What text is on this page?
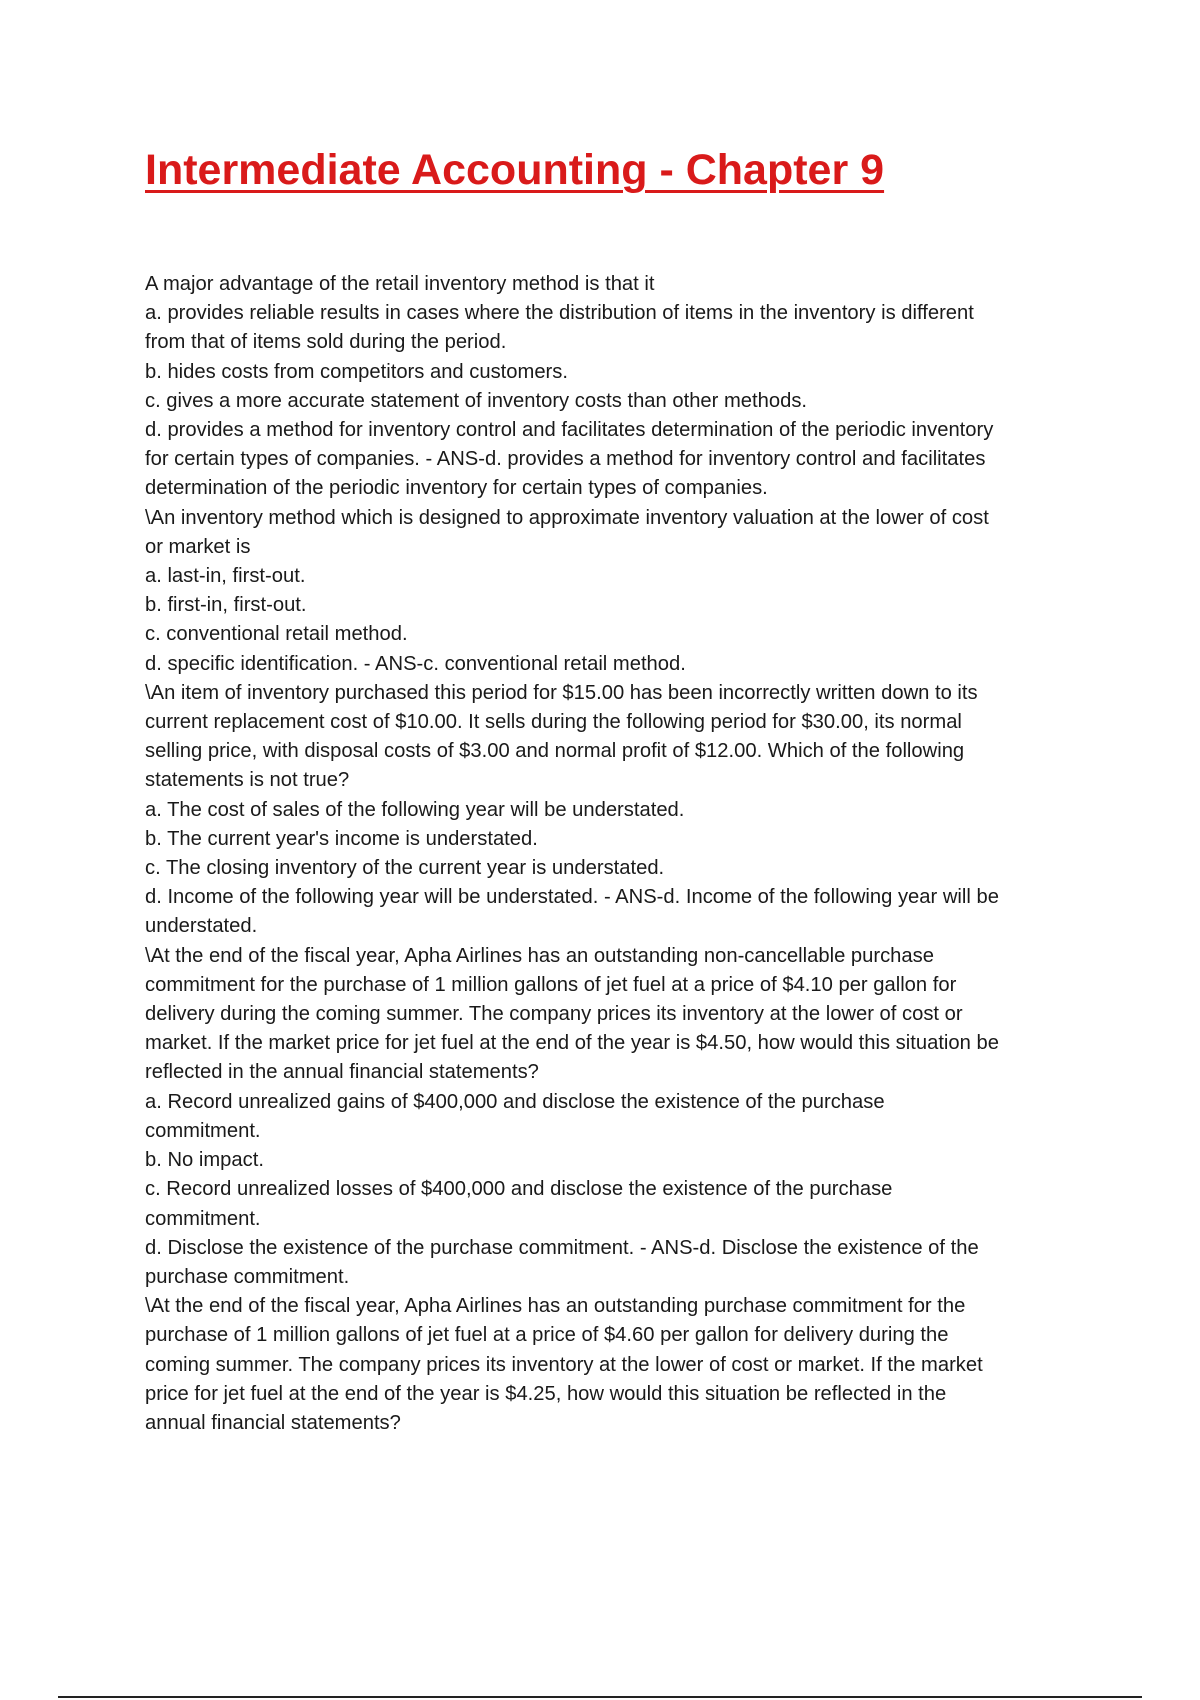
Intermediate Accounting - Chapter 9

A major advantage of the retail inventory method is that it

a. provides reliable results in cases where the distribution of items in the inventory is different

from that of items sold during the period.

b. hides costs from competitors and customers.

c. gives a more accurate statement of inventory costs than other methods.

d. provides a method for inventory control and facilitates determination of the periodic inventory

for certain types of companies. - ANS-d. provides a method for inventory control and facilitates

determination of the periodic inventory for certain types of companies.

\An inventory method which is designed to approximate inventory valuation at the lower of cost

or market is

a. last-in, first-out.

b. first-in, first-out.

c. conventional retail method.

d. specific identification. - ANS-c. conventional retail method.

\An item of inventory purchased this period for $15.00 has been incorrectly written down to its

current replacement cost of $10.00. It sells during the following period for $30.00, its normal

selling price, with disposal costs of $3.00 and normal profit of $12.00. Which of the following

statements is not true?

a. The cost of sales of the following year will be understated.

b. The current year's income is understated.

c. The closing inventory of the current year is understated.

d. Income of the following year will be understated. - ANS-d. Income of the following year will be

understated.

\At the end of the fiscal year, Apha Airlines has an outstanding non-cancellable purchase

commitment for the purchase of 1 million gallons of jet fuel at a price of $4.10 per gallon for

delivery during the coming summer. The company prices its inventory at the lower of cost or

market. If the market price for jet fuel at the end of the year is $4.50, how would this situation be

reflected in the annual financial statements?

a. Record unrealized gains of $400,000 and disclose the existence of the purchase

commitment.

b. No impact.

c. Record unrealized losses of $400,000 and disclose the existence of the purchase

commitment.

d. Disclose the existence of the purchase commitment. - ANS-d. Disclose the existence of the

purchase commitment.

\At the end of the fiscal year, Apha Airlines has an outstanding purchase commitment for the

purchase of 1 million gallons of jet fuel at a price of $4.60 per gallon for delivery during the

coming summer. The company prices its inventory at the lower of cost or market. If the market

price for jet fuel at the end of the year is $4.25, how would this situation be reflected in the

annual financial statements?
